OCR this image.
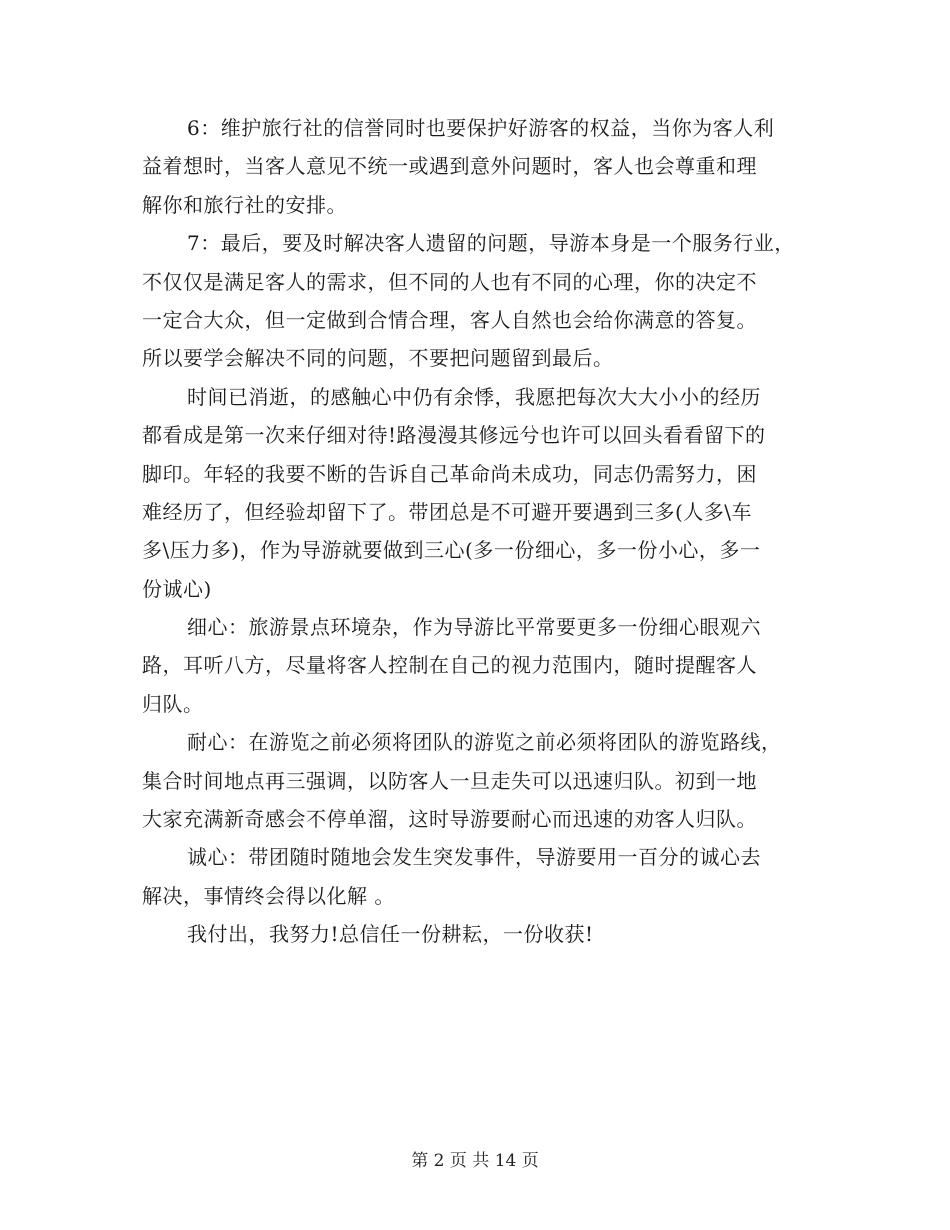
6：维护旅行社的信誉同时也要保护好游客的权益，当你为客人利
益着想时，当客人意见不统一或遇到意外问题时，客人也会尊重和理
解你和旅行社的安排。
7：最后，要及时解决客人遗留的问题，导游本身是一个服务行业，
不仅仅是满足客人的需求，但不同的人也有不同的心理，你的决定不
一定合大众，但一定做到合情合理，客人自然也会给你满意的答复。
所以要学会解决不同的问题，不要把问题留到最后。
时间已消逝，的感触心中仍有余悸，我愿把每次大大小小的经历
都看成是第一次来仔细对待!路漫漫其修远兮也许可以回头看看留下的
脚印。年轻的我要不断的告诉自己革命尚未成功，同志仍需努力，困
难经历了，但经验却留下了。带团总是不可避开要遇到三多(人多\车
多\压力多)，作为导游就要做到三心(多一份细心，多一份小心，多一
份诚心)
细心：旅游景点环境杂，作为导游比平常要更多一份细心眼观六
路，耳听八方，尽量将客人控制在自己的视力范围内，随时提醒客人
归队。
耐心：在游览之前必须将团队的游览之前必须将团队的游览路线，
集合时间地点再三强调，以防客人一旦走失可以迅速归队。初到一地
大家充满新奇感会不停单溜，这时导游要耐心而迅速的劝客人归队。
诚心：带团随时随地会发生突发事件，导游要用一百分的诚心去
解决，事情终会得以化解 。
我付出，我努力!总信任一份耕耘，一份收获!
第 2 页 共 14 页
